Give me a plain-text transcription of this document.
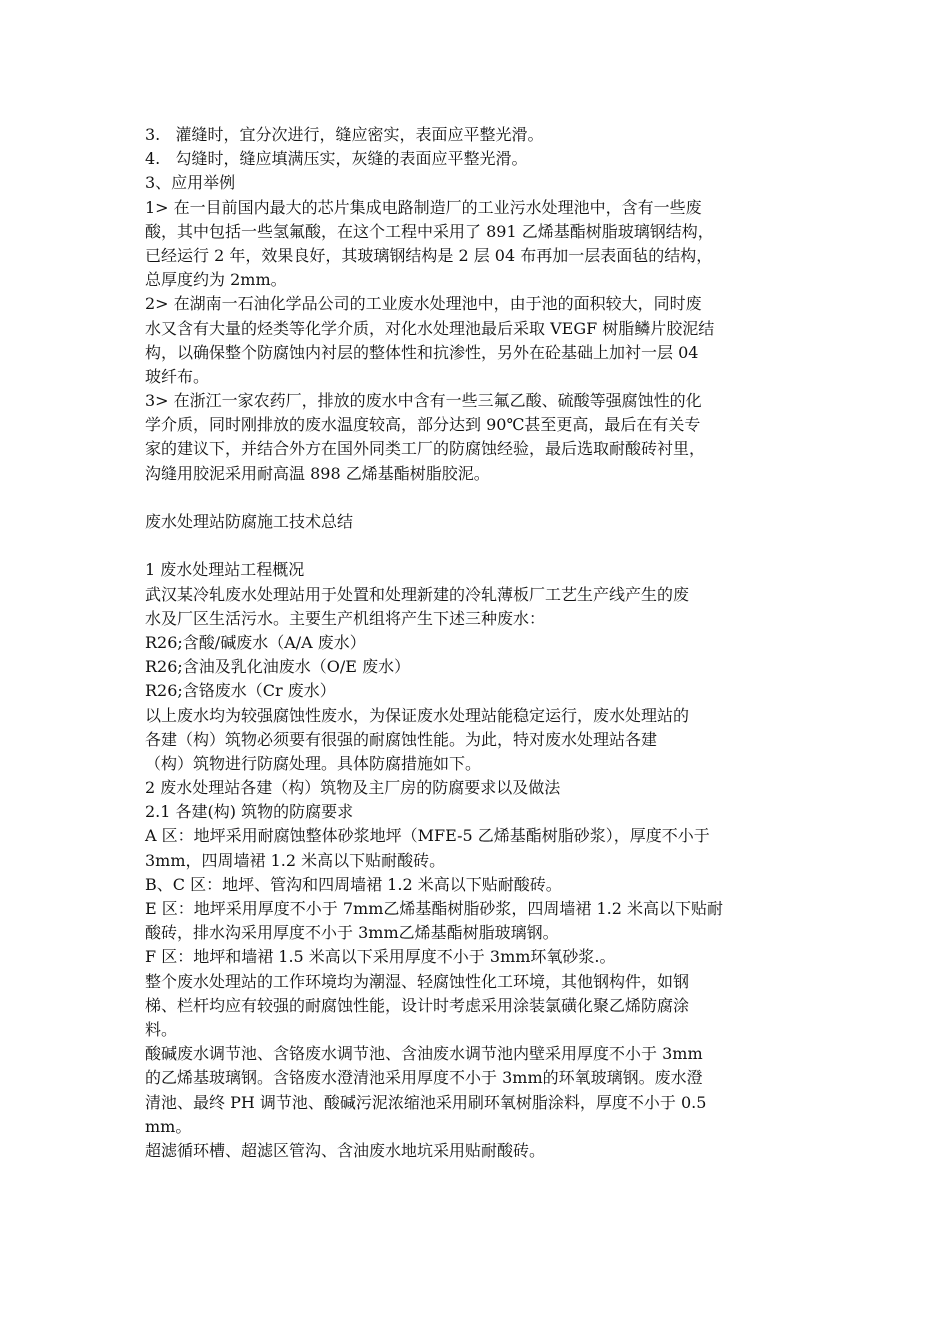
3.   灌缝时，宜分次进行，缝应密实，表面应平整光滑。
4.   勾缝时，缝应填满压实，灰缝的表面应平整光滑。
3、应用举例
1> 在一目前国内最大的芯片集成电路制造厂的工业污水处理池中，含有一些废
酸，其中包括一些氢氟酸，在这个工程中采用了 891 乙烯基酯树脂玻璃钢结构，
已经运行 2 年，效果良好，其玻璃钢结构是 2 层 04 布再加一层表面毡的结构，
总厚度约为 2mm。
2> 在湖南一石油化学品公司的工业废水处理池中，由于池的面积较大，同时废
水又含有大量的烃类等化学介质，对化水处理池最后采取 VEGF 树脂鳞片胶泥结
构，以确保整个防腐蚀内衬层的整体性和抗渗性，另外在砼基础上加衬一层 04
玻纤布。
3> 在浙江一家农药厂，排放的废水中含有一些三氟乙酸、硫酸等强腐蚀性的化
学介质，同时刚排放的废水温度较高，部分达到 90℃甚至更高，最后在有关专
家的建议下，并结合外方在国外同类工厂的防腐蚀经验，最后选取耐酸砖衬里，
沟缝用胶泥采用耐高温 898 乙烯基酯树脂胶泥。
废水处理站防腐施工技术总结
1 废水处理站工程概况
武汉某冷轧废水处理站用于处置和处理新建的冷轧薄板厂工艺生产线产生的废
水及厂区生活污水。主要生产机组将产生下述三种废水：
R26;含酸/碱废水（A/A 废水）
R26;含油及乳化油废水（O/E 废水）
R26;含铬废水（Cr 废水）
以上废水均为较强腐蚀性废水，为保证废水处理站能稳定运行，废水处理站的
各建（构）筑物必须要有很强的耐腐蚀性能。为此，特对废水处理站各建
（构）筑物进行防腐处理。具体防腐措施如下。
2 废水处理站各建（构）筑物及主厂房的防腐要求以及做法
2.1 各建(构) 筑物的防腐要求
A 区：地坪采用耐腐蚀整体砂浆地坪（MFE-5 乙烯基酯树脂砂浆），厚度不小于
3mm，四周墙裙 1.2 米高以下贴耐酸砖。
B、C 区：地坪、管沟和四周墙裙 1.2 米高以下贴耐酸砖。
E 区：地坪采用厚度不小于 7mm乙烯基酯树脂砂浆，四周墙裙 1.2 米高以下贴耐
酸砖，排水沟采用厚度不小于 3mm乙烯基酯树脂玻璃钢。
F 区：地坪和墙裙 1.5 米高以下采用厚度不小于 3mm环氧砂浆.。
整个废水处理站的工作环境均为潮湿、轻腐蚀性化工环境，其他钢构件，如钢
梯、栏杆均应有较强的耐腐蚀性能，设计时考虑采用涂装氯磺化聚乙烯防腐涂
料。
酸碱废水调节池、含铬废水调节池、含油废水调节池内壁采用厚度不小于 3mm
的乙烯基玻璃钢。含铬废水澄清池采用厚度不小于 3mm的环氧玻璃钢。废水澄
清池、最终 PH 调节池、酸碱污泥浓缩池采用刷环氧树脂涂料，厚度不小于 0.5
mm。
超滤循环槽、超滤区管沟、含油废水地坑采用贴耐酸砖。
